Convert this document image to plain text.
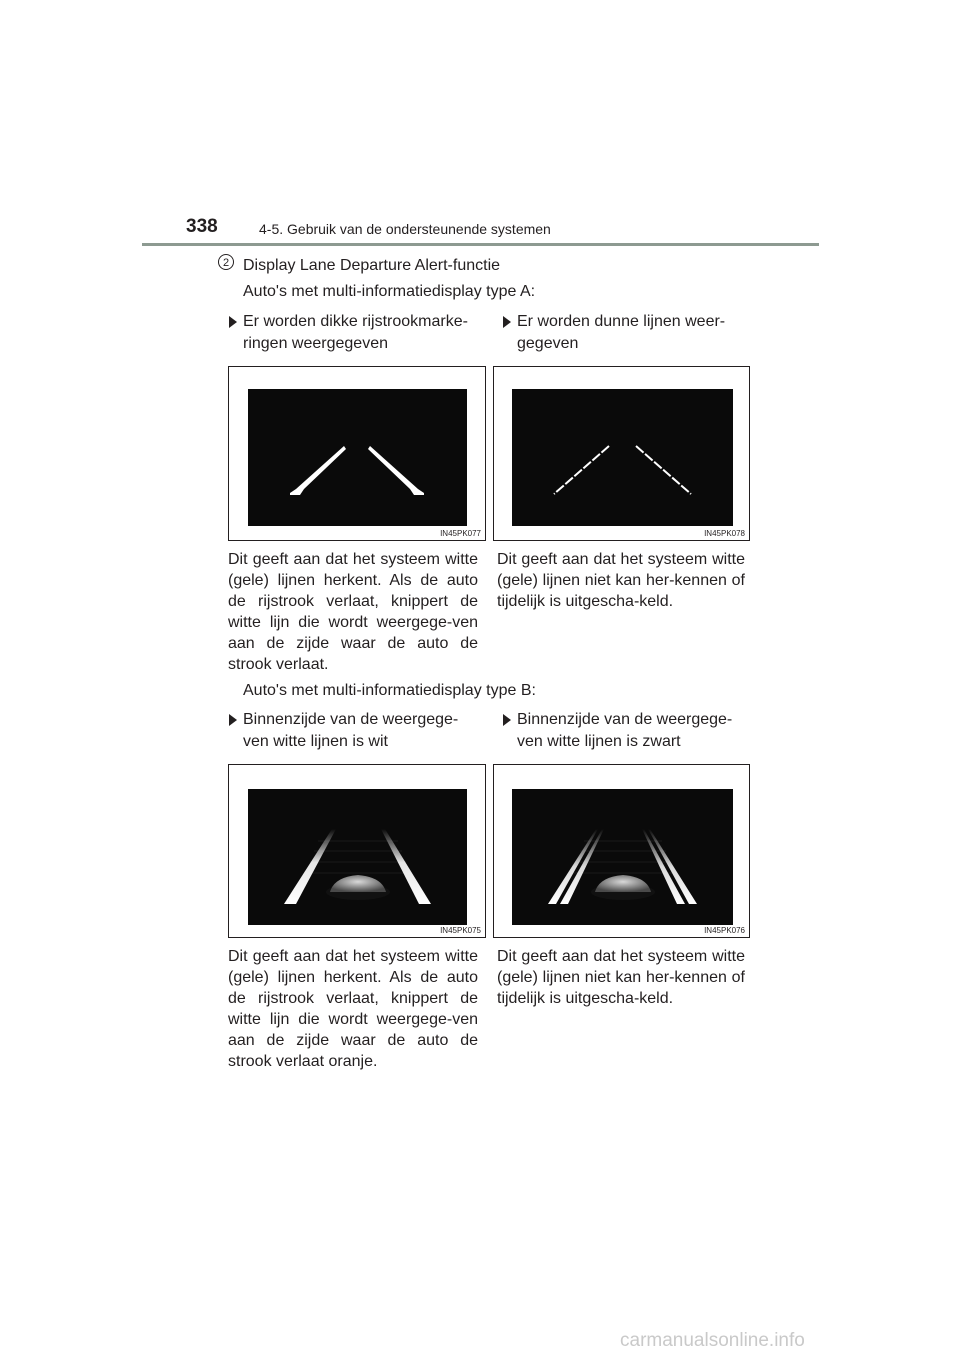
338	4-5. Gebruik van de ondersteunende systemen
2 Display Lane Departure Alert-functie
Auto's met multi-informatiedisplay type A:
Er worden dikke rijstrookmarke-ringen weergegeven
Er worden dunne lijnen weer-gegeven
IN45PK077	IN45PK078
Dit geeft aan dat het systeem witte (gele) lijnen herkent. Als de auto de rijstrook verlaat, knippert de witte lijn die wordt weergege-ven aan de zijde waar de auto de strook verlaat.
Dit geeft aan dat het systeem witte (gele) lijnen niet kan her-kennen of tijdelijk is uitgescha-keld.
Auto's met multi-informatiedisplay type B:
Binnenzijde van de weergege-ven witte lijnen is wit
Binnenzijde van de weergege-ven witte lijnen is zwart
IN45PK075	IN45PK076
Dit geeft aan dat het systeem witte (gele) lijnen herkent. Als de auto de rijstrook verlaat, knippert de witte lijn die wordt weergege-ven aan de zijde waar de auto de strook verlaat oranje.
Dit geeft aan dat het systeem witte (gele) lijnen niet kan her-kennen of tijdelijk is uitgescha-keld.
carmanualsonline.info
